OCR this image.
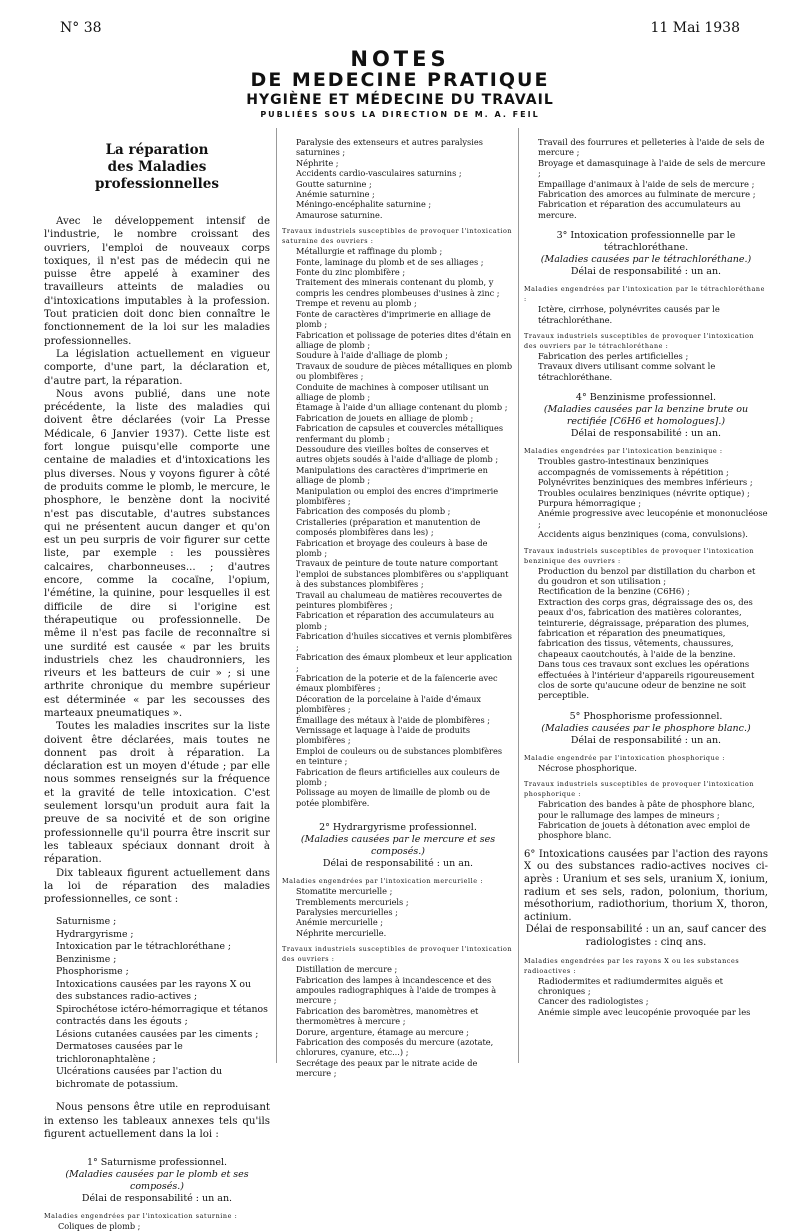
N° 38	11 Mai 1938
NOTES
DE MEDECINE PRATIQUE
HYGIÈNE ET MÉDECINE DU TRAVAIL
PUBLIÉES SOUS LA DIRECTION DE M. A. FEIL
La réparation
des Maladies professionnelles

Avec le développement intensif de l'industrie, le nombre croissant des ouvriers, l'emploi de nouveaux corps toxiques, il n'est pas de médecin qui ne puisse être appelé à examiner des travailleurs atteints de maladies ou d'intoxications imputables à la profession. Tout praticien doit donc bien connaître le fonctionnement de la loi sur les maladies professionnelles.

La législation actuellement en vigueur comporte, d'une part, la déclaration et, d'autre part, la réparation.

Nous avons publié, dans une note précédente, la liste des maladies qui doivent être déclarées (voir La Presse Médicale, 6 Janvier 1937). Cette liste est fort longue puisqu'elle comporte une centaine de maladies et d'intoxications les plus diverses. Nous y voyons figurer à côté de produits comme le plomb, le mercure, le phosphore, le benzène dont la nocivité n'est pas discutable, d'autres substances qui ne présentent aucun danger et qu'on est un peu surpris de voir figurer sur cette liste, par exemple : les poussières calcaires, charbonneuses... ; d'autres encore, comme la cocaïne, l'opium, l'émétine, la quinine, pour lesquelles il est difficile de dire si l'origine est thérapeutique ou professionnelle. De même il n'est pas facile de reconnaître si une surdité est causée « par les bruits industriels chez les chaudronniers, les riveurs et les batteurs de cuir » ; si une arthrite chronique du membre supérieur est déterminée « par les secousses des marteaux pneumatiques ».

Toutes les maladies inscrites sur la liste doivent être déclarées, mais toutes ne donnent pas droit à réparation. La déclaration est un moyen d'étude ; par elle nous sommes renseignés sur la fréquence et la gravité de telle intoxication. C'est seulement lorsqu'un produit aura fait la preuve de sa nocivité et de son origine professionnelle qu'il pourra être inscrit sur les tableaux spéciaux donnant droit à réparation.

Dix tableaux figurent actuellement dans la loi de réparation des maladies professionnelles, ce sont :

Saturnisme ;
Hydrargyrisme ;
Intoxication par le tétrachloréthane ;
Benzinisme ;
Phosphorisme ;
Intoxications causées par les rayons X ou des substances radio-actives ;
Spirochétose ictéro-hémorragique et tétanos contractés dans les égouts ;
Lésions cutanées causées par les ciments ;
Dermatoses causées par le trichloronaphtalène ;
Ulcérations causées par l'action du bichromate de potassium.

Nous pensons être utile en reproduisant in extenso les tableaux annexes tels qu'ils figurent actuellement dans la loi :

1° Saturnisme professionnel.
(Maladies causées par le plomb et ses composés.)
Délai de responsabilité : un an.
Maladies engendrées par l'intoxication saturnine :
Coliques de plomb ;
Paralysie des extenseurs et autres paralysies saturnines ;
Néphrite ;
Accidents cardio-vasculaires saturnins ;
Goutte saturnine ;
Anémie saturnine ;
Méningo-encéphalite saturnine ;
Amaurose saturnine.
Travaux industriels susceptibles de provoquer l'intoxication saturnine des ouvriers :
Métallurgie et raffinage du plomb ;
Fonte, laminage du plomb et de ses alliages ;
Fonte du zinc plombifère ;
Traitement des minerais contenant du plomb, y compris les cendres plombeuses d'usines à zinc ;
Trempe et revenu au plomb ;
Fonte de caractères d'imprimerie en alliage de plomb ;
Fabrication et polissage de poteries dites d'étain en alliage de plomb ;
Soudure à l'aide d'alliage de plomb ;
Travaux de soudure de pièces métalliques en plomb ou plombifères ;
Conduite de machines à composer utilisant un alliage de plomb ;
Étamage à l'aide d'un alliage contenant du plomb ;
Fabrication de jouets en alliage de plomb ;
Fabrication de capsules et couvercles métalliques renfermant du plomb ;
Dessoudure des vieilles boîtes de conserves et autres objets soudés à l'aide d'alliage de plomb ;
Manipulations des caractères d'imprimerie en alliage de plomb ;
Manipulation ou emploi des encres d'imprimerie plombifères ;
Fabrication des composés du plomb ;
Cristalleries (préparation et manutention de composés plombifères dans les) ;
Fabrication et broyage des couleurs à base de plomb ;
Travaux de peinture de toute nature comportant l'emploi de substances plombifères ou s'appliquant à des substances plombifères ;
Travail au chalumeau de matières recouvertes de peintures plombifères ;
Fabrication et réparation des accumulateurs au plomb ;
Fabrication d'huiles siccatives et vernis plombifères ;
Fabrication des émaux plombeux et leur application ;
Fabrication de la poterie et de la faïencerie avec émaux plombifères ;
Décoration de la porcelaine à l'aide d'émaux plombifères ;
Émaillage des métaux à l'aide de plombifères ;
Vernissage et laquage à l'aide de produits plombifères ;
Emploi de couleurs ou de substances plombifères en teinture ;
Fabrication de fleurs artificielles aux couleurs de plomb ;
Polissage au moyen de limaille de plomb ou de potée plombifère.
2° Hydrargyrisme professionnel.
(Maladies causées par le mercure et ses composés.)
Délai de responsabilité : un an.
Maladies engendrées par l'intoxication mercurielle :
Stomatite mercurielle ;
Tremblements mercuriels ;
Paralysies mercurielles ;
Anémie mercurielle ;
Néphrite mercurielle.
Travaux industriels susceptibles de provoquer l'intoxication des ouvriers :
Distillation de mercure ;
Fabrication des lampes à incandescence et des ampoules radiographiques à l'aide de trompes à mercure ;
Fabrication des baromètres, manomètres et thermomètres à mercure ;
Dorure, argenture, étamage au mercure ;
Fabrication des composés du mercure (azotate, chlorures, cyanure, etc...) ;
Secrétage des peaux par le nitrate acide de mercure ;
Travail des fourrures et pelleteries à l'aide de sels de mercure ;
Broyage et damasquinage à l'aide de sels de mercure ;
Empaillage d'animaux à l'aide de sels de mercure ;
Fabrication des amorces au fulminate de mercure ;
Fabrication et réparation des accumulateurs au mercure.
3° Intoxication professionnelle par le tétrachloréthane.
(Maladies causées par le tétrachloréthane.)
Délai de responsabilité : un an.
Maladies engendrées par l'intoxication par le tétrachloréthane :
Ictère, cirrhose, polynévrites causés par le tétrachloréthane.
Travaux industriels susceptibles de provoquer l'intoxication des ouvriers par le tétrachloréthane :
Fabrication des perles artificielles ;
Travaux divers utilisant comme solvant le tétrachloréthane.
4° Benzinisme professionnel.
(Maladies causées par la benzine brute ou rectifiée [C6H6 et homologues].)
Délai de responsabilité : un an.
Maladies engendrées par l'intoxication benzinique :
Troubles gastro-intestinaux benziniques accompagnés de vomissements à répétition ;
Polynévrites benziniques des membres inférieurs ;
Troubles oculaires benziniques (névrite optique) ;
Purpura hémorragique ;
Anémie progressive avec leucopénie et mononucléose ;
Accidents aigus benziniques (coma, convulsions).
Travaux industriels susceptibles de provoquer l'intoxication benzinique des ouvriers :
Production du benzol par distillation du charbon et du goudron et son utilisation ;
Rectification de la benzine (C6H6) ;
Extraction des corps gras, dégraissage des os, des peaux d'os, fabrication des matières colorantes, teinturerie, dégraissage, préparation des plumes, fabrication et réparation des pneumatiques, fabrication des tissus, vêtements, chaussures, chapeaux caoutchoutés, à l'aide de la benzine.
Dans tous ces travaux sont exclues les opérations effectuées à l'intérieur d'appareils rigoureusement clos de sorte qu'aucune odeur de benzine ne soit perceptible.
5° Phosphorisme professionnel.
(Maladies causées par le phosphore blanc.)
Délai de responsabilité : un an.
Maladie engendrée par l'intoxication phosphorique :
Nécrose phosphorique.
Travaux industriels susceptibles de provoquer l'intoxication phosphorique :
Fabrication des bandes à pâte de phosphore blanc, pour le rallumage des lampes de mineurs ;
Fabrication de jouets à détonation avec emploi de phosphore blanc.
6° Intoxications causées par l'action des rayons X ou des substances radio-actives nocives ci-après : Uranium et ses sels, uranium X, ionium, radium et ses sels, radon, polonium, thorium, mésothorium, radiothorium, thorium X, thoron, actinium.
Délai de responsabilité : un an, sauf cancer des radiologistes : cinq ans.
Maladies engendrées par les rayons X ou les substances radioactives :
Radiodermites et radiumdermites aiguës et chroniques ;
Cancer des radiologistes ;
Anémie simple avec leucopénie provoquée par les
